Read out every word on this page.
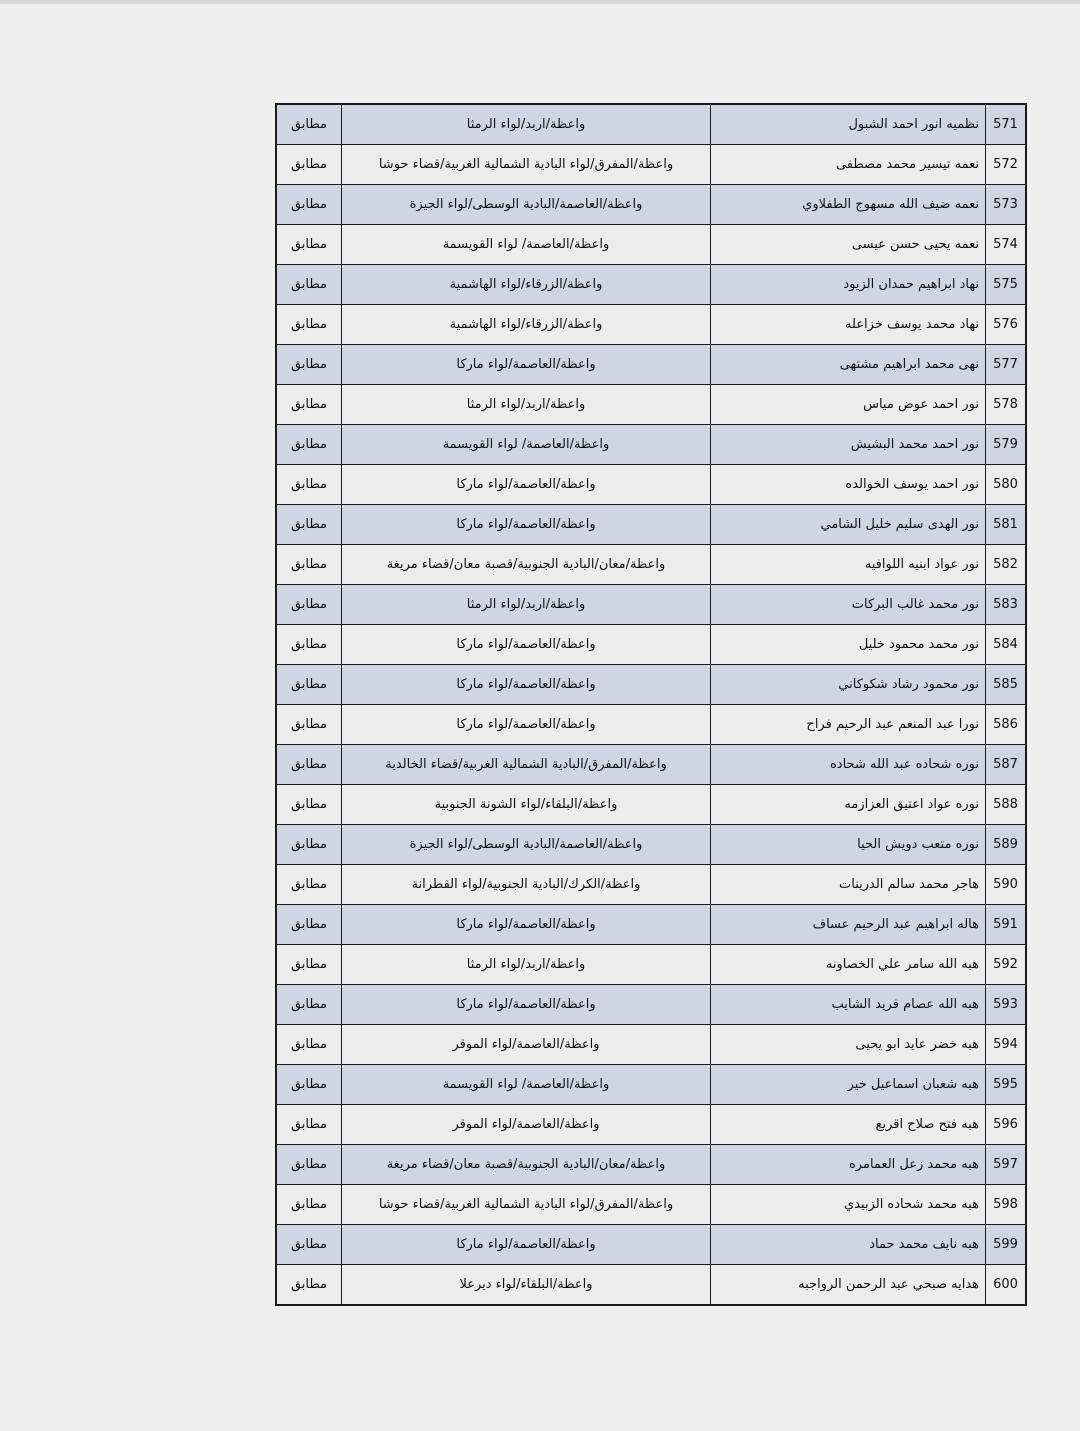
571	نظميه انور احمد الشبول	واعظة/اربد/لواء الرمثا	مطابق
572	نعمه تيسير محمد مصطفى	واعظة/المفرق/لواء البادية الشمالية الغربية/قضاء حوشا	مطابق
573	نعمه ضيف الله مسهوج الطفلاوي	واعظة/العاصمة/البادية الوسطى/لواء الجيزة	مطابق
574	نعمه يحيى حسن عيسى	واعظة/العاصمة/ لواء القويسمة	مطابق
575	نهاد ابراهيم حمدان الزيود	واعظة/الزرقاء/لواء الهاشمية	مطابق
576	نهاد محمد يوسف خزاعله	واعظة/الزرقاء/لواء الهاشمية	مطابق
577	نهى محمد ابراهيم مشتهى	واعظة/العاصمة/لواء ماركا	مطابق
578	نور احمد عوض مياس	واعظة/اربد/لواء الرمثا	مطابق
579	نور احمد محمد البشيش	واعظة/العاصمة/ لواء القويسمة	مطابق
580	نور احمد يوسف الخوالده	واعظة/العاصمة/لواء ماركا	مطابق
581	نور الهدى سليم خليل الشامي	واعظة/العاصمة/لواء ماركا	مطابق
582	نور عواد ابنيه اللوافيه	واعظة/معان/البادية الجنوبية/قصبة معان/قضاء مريغة	مطابق
583	نور محمد غالب البركات	واعظة/اربد/لواء الرمثا	مطابق
584	نور محمد محمود خليل	واعظة/العاصمة/لواء ماركا	مطابق
585	نور محمود رشاد شكوكاني	واعظة/العاصمة/لواء ماركا	مطابق
586	نورا عبد المنعم عبد الرحيم فراح	واعظة/العاصمة/لواء ماركا	مطابق
587	نوره شحاده عبد الله شحاده	واعظة/المفرق/البادية الشمالية الغربية/قضاء الخالدية	مطابق
588	نوره عواد اعتيق العزازمه	واعظة/البلقاء/لواء الشونة الجنوبية	مطابق
589	نوره متعب دويش الحيا	واعظة/العاصمة/البادية الوسطى/لواء الجيزة	مطابق
590	هاجر محمد سالم الدرينات	واعظة/الكرك/البادية الجنوبية/لواء القطرانة	مطابق
591	هاله ابراهيم عبد الرحيم عساف	واعظة/العاصمة/لواء ماركا	مطابق
592	هبه الله سامر علي الخصاونه	واعظة/اربد/لواء الرمثا	مطابق
593	هبه الله عصام فريد الشايب	واعظة/العاصمة/لواء ماركا	مطابق
594	هبه خضر عايد ابو يحيى	واعظة/العاصمة/لواء الموقر	مطابق
595	هبه شعبان اسماعيل خير	واعظة/العاصمة/ لواء القويسمة	مطابق
596	هبه فتح صلاح اقريع	واعظة/العاصمة/لواء الموقر	مطابق
597	هبه محمد زعل العمامره	واعظة/معان/البادية الجنوبية/قصبة معان/قضاء مريغة	مطابق
598	هبه محمد شحاده الزبيدي	واعظة/المفرق/لواء البادية الشمالية الغربية/قضاء حوشا	مطابق
599	هبه نايف محمد حماد	واعظة/العاصمة/لواء ماركا	مطابق
600	هدايه صبحي عبد الرحمن الرواجبه	واعظة/البلقاء/لواء ديرعلا	مطابق
